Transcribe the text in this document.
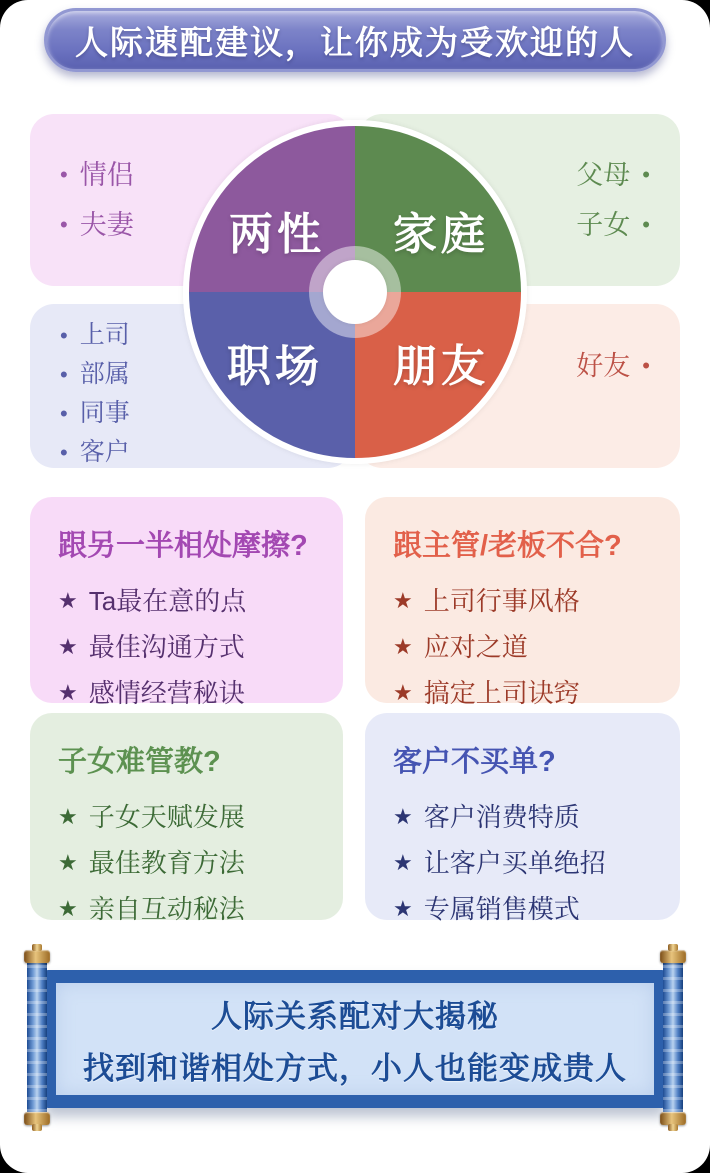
人际速配建议，让你成为受欢迎的人
• 情侣
• 夫妻
父母 •
子女 •
• 上司
• 部属
• 同事
• 客户
好友 •
两性 家庭
职场 朋友
跟另一半相处摩擦?
★ Ta最在意的点
★ 最佳沟通方式
★ 感情经营秘诀
跟主管/老板不合?
★ 上司行事风格
★ 应对之道
★ 搞定上司诀窍
子女难管教?
★ 子女天赋发展
★ 最佳教育方法
★ 亲自互动秘法
客户不买单?
★ 客户消费特质
★ 让客户买单绝招
★ 专属销售模式
人际关系配对大揭秘
找到和谐相处方式，小人也能变成贵人
